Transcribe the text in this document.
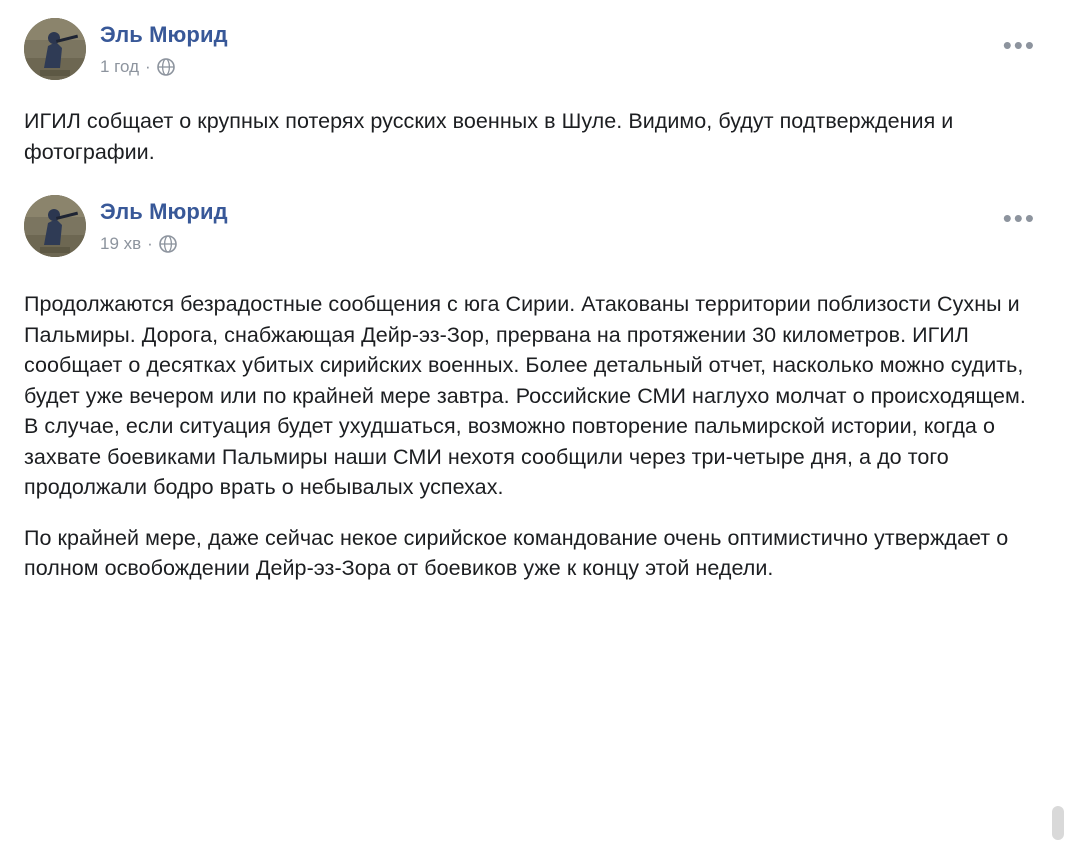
Эль Мюрид
1 год ·
•••
ИГИЛ собщает о крупных потерях русских военных в Шуле. Видимо, будут подтверждения и фотографии.
Эль Мюрид
19 хв ·
•••
Продолжаются безрадостные сообщения с юга Сирии. Атакованы территории поблизости Сухны и Пальмиры. Дорога, снабжающая Дейр-эз-Зор, прервана на протяжении 30 километров. ИГИЛ сообщает о десятках убитых сирийских военных. Более детальный отчет, насколько можно судить, будет уже вечером или по крайней мере завтра. Российские СМИ наглухо молчат о происходящем. В случае, если ситуация будет ухудшаться, возможно повторение пальмирской истории, когда о захвате боевиками Пальмиры наши СМИ нехотя сообщили через три-четыре дня, а до того продолжали бодро врать о небывалых успехах.
По крайней мере, даже сейчас некое сирийское командование очень оптимистично утверждает о полном освобождении Дейр-эз-Зора от боевиков уже к концу этой недели.
